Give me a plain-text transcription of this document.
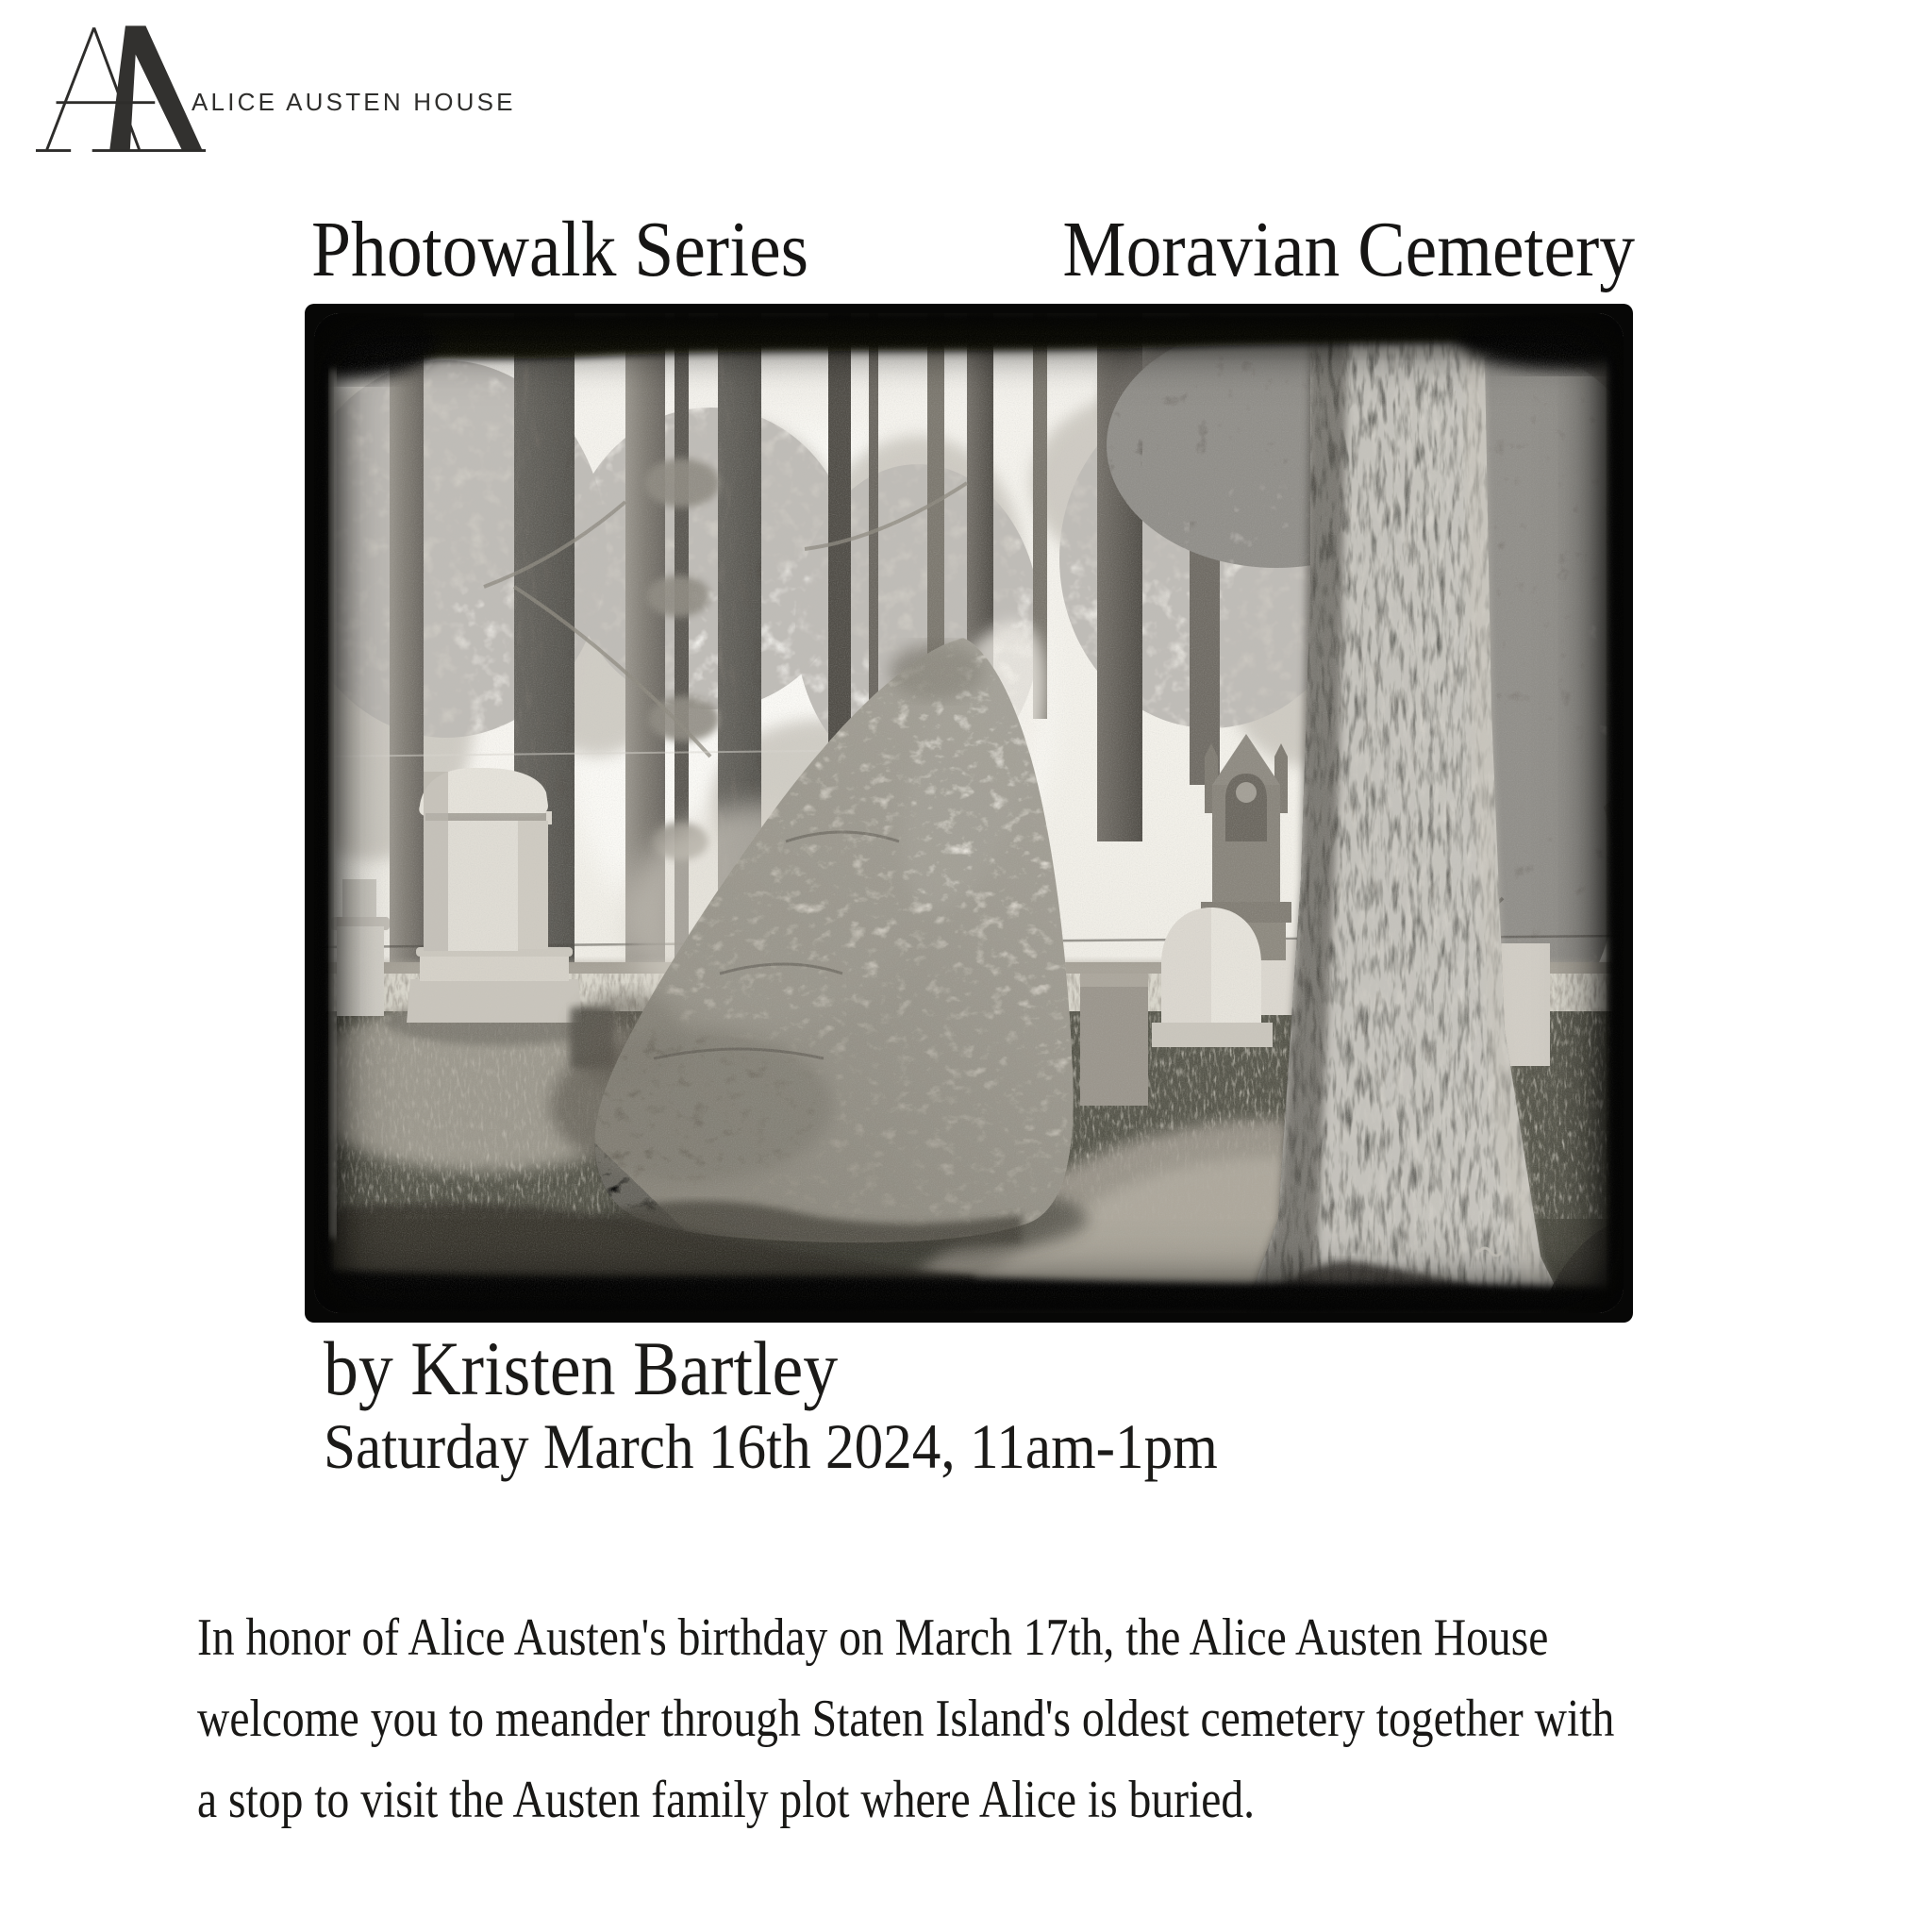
ALICE AUSTEN HOUSE
Photowalk Series	Moravian Cemetery
by Kristen Bartley
Saturday March 16th 2024, 11am-1pm
In honor of Alice Austen's birthday on March 17th, the Alice Austen House
welcome you to meander through Staten Island's oldest cemetery together with
a stop to visit the Austen family plot where Alice is buried.
